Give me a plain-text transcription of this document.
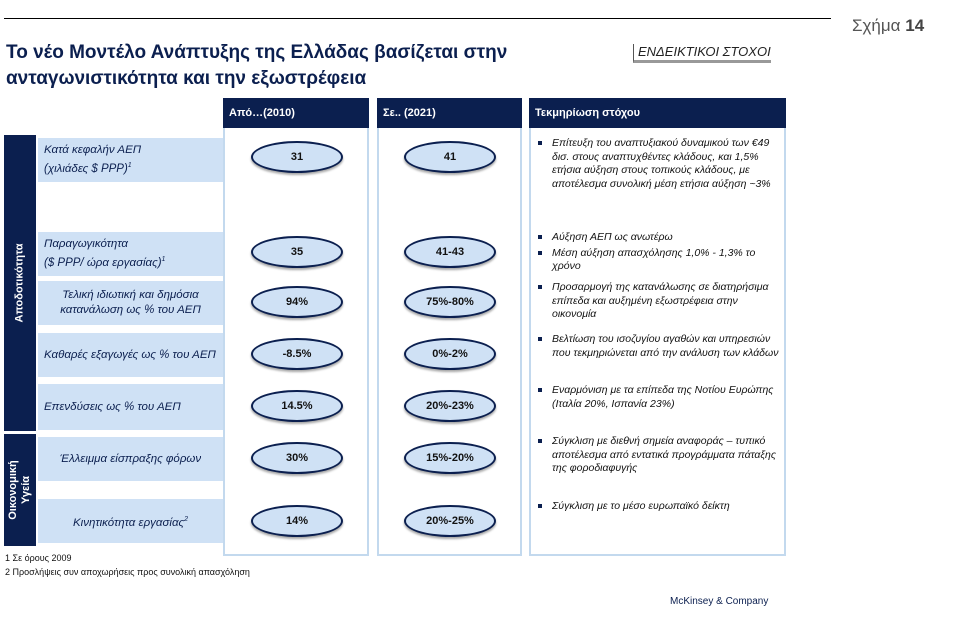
Σχήμα 14
Το νέο Μοντέλο Ανάπτυξης της Ελλάδας βασίζεται στην ανταγωνιστικότητα και την εξωστρέφεια
ΕΝΔΕΙΚΤΙΚΟΙ ΣΤΟΧΟΙ
Από…(2010)	Σε.. (2021)	Τεκμηρίωση στόχου
Αποδοτικότητα
Οικονομική Υγεία
Κατά κεφαλήν ΑΕΠ
(χιλιάδες $ PPP)$^1$
Παραγωγικότητα
($ PPP/ ώρα εργασίας)$^1$
Τελική ιδιωτική και δημόσια κατανάλωση ως % του ΑΕΠ
Καθαρές εξαγωγές ως % του ΑΕΠ
Επενδύσεις ως % του ΑΕΠ
Έλλειμμα είσπραξης φόρων
Κινητικότητα εργασίας$^2$
31
35
94%
-8.5%
14.5%
30%
14%
41
41-43
75%-80%
0%-2%
20%-23%
15%-20%
20%-25%
Επίτευξη του αναπτυξιακού δυναμικού των €49 δισ. στους αναπτυχθέντες κλάδους, και 1,5% ετήσια αύξηση στους τοπικούς κλάδους, με αποτέλεσμα συνολική μέση ετήσια αύξηση ~3%
Αύξηση ΑΕΠ ως ανωτέρω
Μέση αύξηση απασχόλησης 1,0% - 1,3% το χρόνο
Προσαρμογή της κατανάλωσης σε διατηρήσιμα επίπεδα και αυξημένη εξωστρέφεια στην οικονομία
Βελτίωση του ισοζυγίου αγαθών και υπηρεσιών που τεκμηριώνεται από την ανάλυση των κλάδων
Εναρμόνιση με τα επίπεδα της Νοτίου Ευρώπης (Ιταλία 20%, Ισπανία 23%)
Σύγκλιση με διεθνή σημεία αναφοράς – τυπικό αποτέλεσμα από εντατικά προγράμματα πάταξης της φοροδιαφυγής
Σύγκλιση με το μέσο ευρωπαϊκό δείκτη
1 Σε όρους 2009
2 Προσλήψεις συν αποχωρήσεις προς συνολική απασχόληση
McKinsey & Company
